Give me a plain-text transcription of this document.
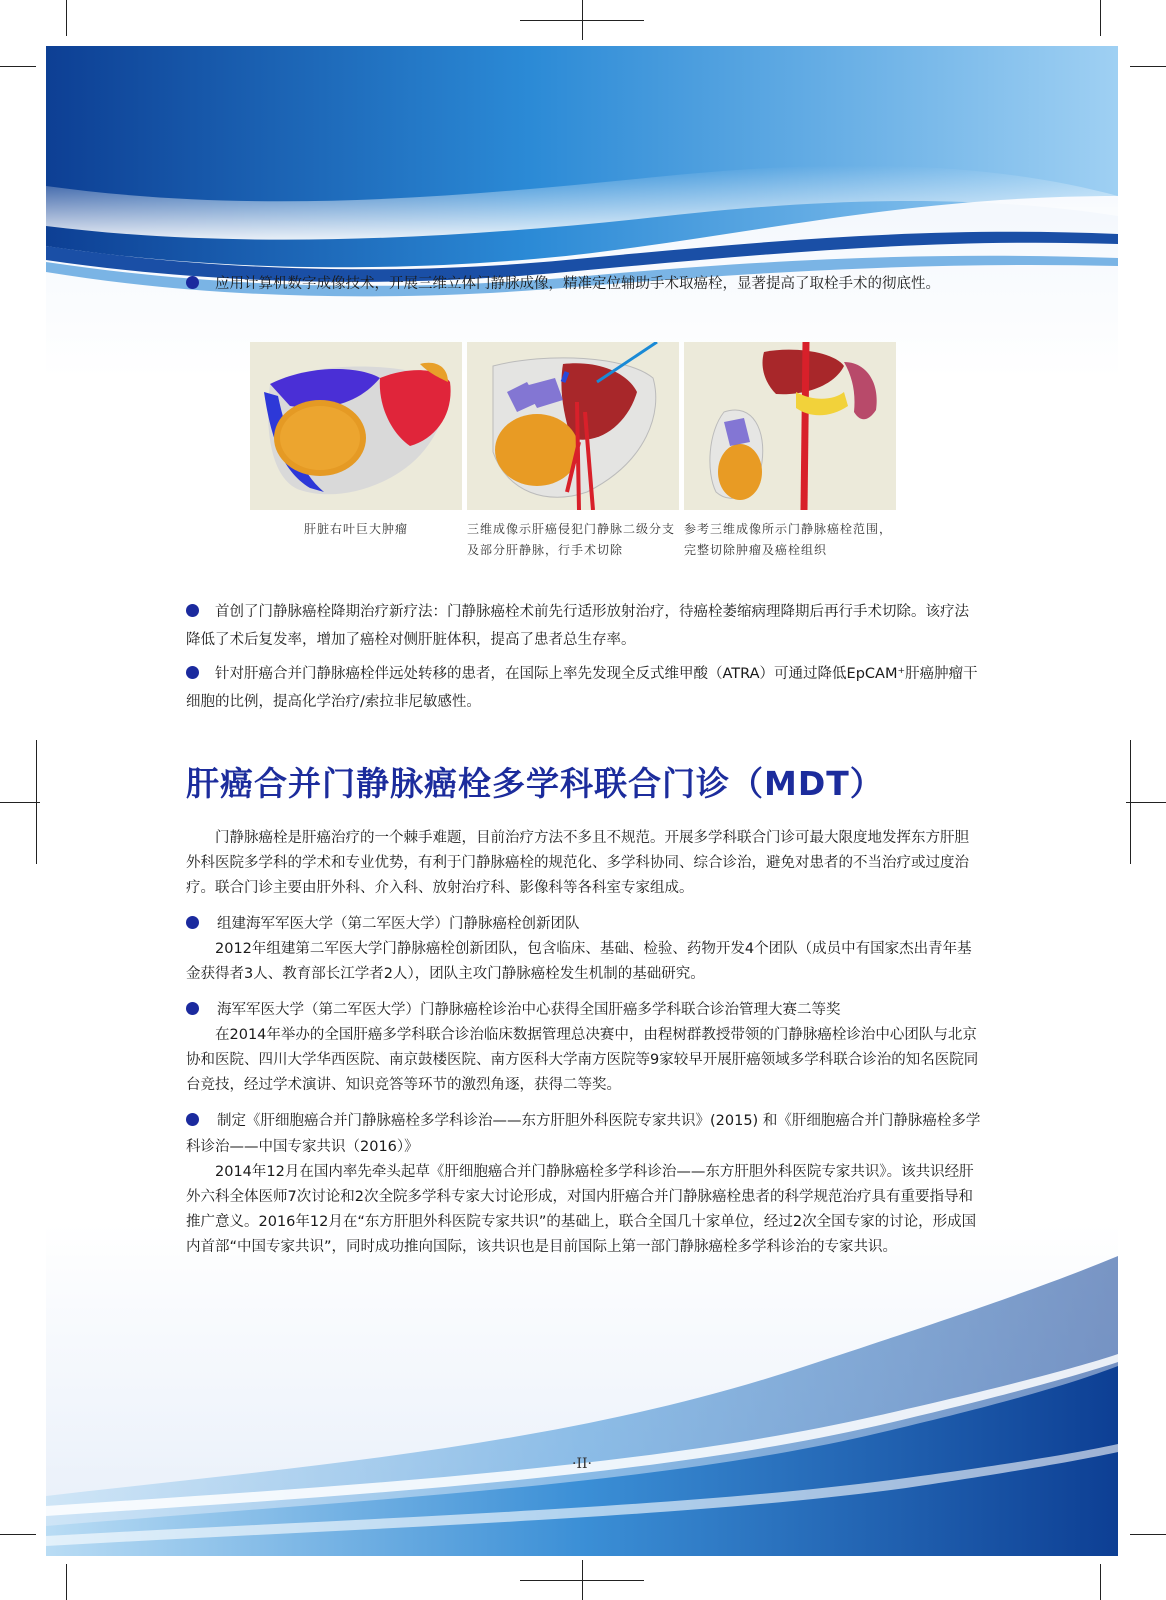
应用计算机数字成像技术，开展三维立体门静脉成像，精准定位辅助手术取癌栓，显著提高了取栓手术的彻底性。

肝脏右叶巨大肿瘤	三维成像示肝癌侵犯门静脉二级分支及部分肝静脉，行手术切除
参考三维成像所示门静脉癌栓范围，完整切除肿瘤及癌栓组织

首创了门静脉癌栓降期治疗新疗法：门静脉癌栓术前先行适形放射治疗，待癌栓萎缩病理降期后再行手术切除。该疗法降低了术后复发率，增加了癌栓对侧肝脏体积，提高了患者总生存率。

针对肝癌合并门静脉癌栓伴远处转移的患者，在国际上率先发现全反式维甲酸（ATRA）可通过降低EpCAM⁺肝癌肿瘤干细胞的比例，提高化学治疗/索拉非尼敏感性。

肝癌合并门静脉癌栓多学科联合门诊（MDT）

门静脉癌栓是肝癌治疗的一个棘手难题，目前治疗方法不多且不规范。开展多学科联合门诊可最大限度地发挥东方肝胆外科医院多学科的学术和专业优势，有利于门静脉癌栓的规范化、多学科协同、综合诊治，避免对患者的不当治疗或过度治疗。联合门诊主要由肝外科、介入科、放射治疗科、影像科等各科室专家组成。

组建海军军医大学（第二军医大学）门静脉癌栓创新团队

2012年组建第二军医大学门静脉癌栓创新团队，包含临床、基础、检验、药物开发4个团队（成员中有国家杰出青年基金获得者3人、教育部长江学者2人），团队主攻门静脉癌栓发生机制的基础研究。

海军军医大学（第二军医大学）门静脉癌栓诊治中心获得全国肝癌多学科联合诊治管理大赛二等奖

在2014年举办的全国肝癌多学科联合诊治临床数据管理总决赛中，由程树群教授带领的门静脉癌栓诊治中心团队与北京协和医院、四川大学华西医院、南京鼓楼医院、南方医科大学南方医院等9家较早开展肝癌领域多学科联合诊治的知名医院同台竞技，经过学术演讲、知识竞答等环节的激烈角逐，获得二等奖。

制定《肝细胞癌合并门静脉癌栓多学科诊治——东方肝胆外科医院专家共识》(2015) 和《肝细胞癌合并门静脉癌栓多学科诊治——中国专家共识（2016）》

2014年12月在国内率先牵头起草《肝细胞癌合并门静脉癌栓多学科诊治——东方肝胆外科医院专家共识》。该共识经肝外六科全体医师7次讨论和2次全院多学科专家大讨论形成，对国内肝癌合并门静脉癌栓患者的科学规范治疗具有重要指导和推广意义。2016年12月在“东方肝胆外科医院专家共识”的基础上，联合全国几十家单位，经过2次全国专家的讨论，形成国内首部“中国专家共识”，同时成功推向国际，该共识也是目前国际上第一部门静脉癌栓多学科诊治的专家共识。

·II·
